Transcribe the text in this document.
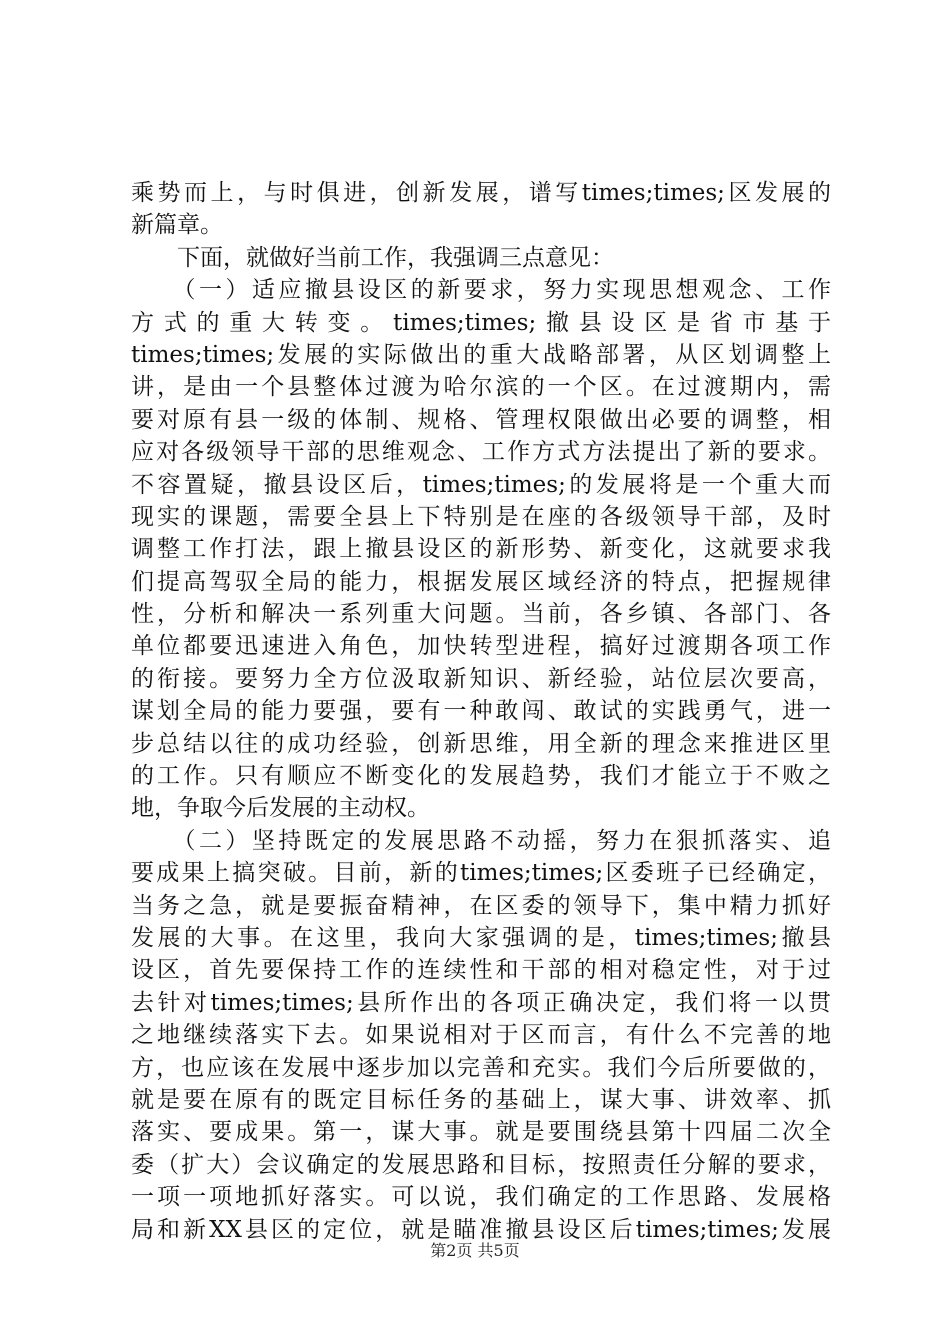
乘势而上，与时俱进，创新发展，谱写times;times;区发展的
新篇章。
　　下面，就做好当前工作，我强调三点意见：
　　（一）适应撤县设区的新要求，努力实现思想观念、工作
方式的重大转变。times;times;撤县设区是省市基于
times;times;发展的实际做出的重大战略部署，从区划调整上
讲，是由一个县整体过渡为哈尔滨的一个区。在过渡期内，需
要对原有县一级的体制、规格、管理权限做出必要的调整，相
应对各级领导干部的思维观念、工作方式方法提出了新的要求。
不容置疑，撤县设区后，times;times;的发展将是一个重大而
现实的课题，需要全县上下特别是在座的各级领导干部，及时
调整工作打法，跟上撤县设区的新形势、新变化，这就要求我
们提高驾驭全局的能力，根据发展区域经济的特点，把握规律
性，分析和解决一系列重大问题。当前，各乡镇、各部门、各
单位都要迅速进入角色，加快转型进程，搞好过渡期各项工作
的衔接。要努力全方位汲取新知识、新经验，站位层次要高，
谋划全局的能力要强，要有一种敢闯、敢试的实践勇气，进一
步总结以往的成功经验，创新思维，用全新的理念来推进区里
的工作。只有顺应不断变化的发展趋势，我们才能立于不败之
地，争取今后发展的主动权。
　　（二）坚持既定的发展思路不动摇，努力在狠抓落实、追
要成果上搞突破。目前，新的times;times;区委班子已经确定，
当务之急，就是要振奋精神，在区委的领导下，集中精力抓好
发展的大事。在这里，我向大家强调的是，times;times;撤县
设区，首先要保持工作的连续性和干部的相对稳定性，对于过
去针对times;times;县所作出的各项正确决定，我们将一以贯
之地继续落实下去。如果说相对于区而言，有什么不完善的地
方，也应该在发展中逐步加以完善和充实。我们今后所要做的，
就是要在原有的既定目标任务的基础上，谋大事、讲效率、抓
落实、要成果。第一，谋大事。就是要围绕县第十四届二次全
委（扩大）会议确定的发展思路和目标，按照责任分解的要求，
一项一项地抓好落实。可以说，我们确定的工作思路、发展格
局和新XX县区的定位，就是瞄准撤县设区后times;times;发展
第2页 共5页
